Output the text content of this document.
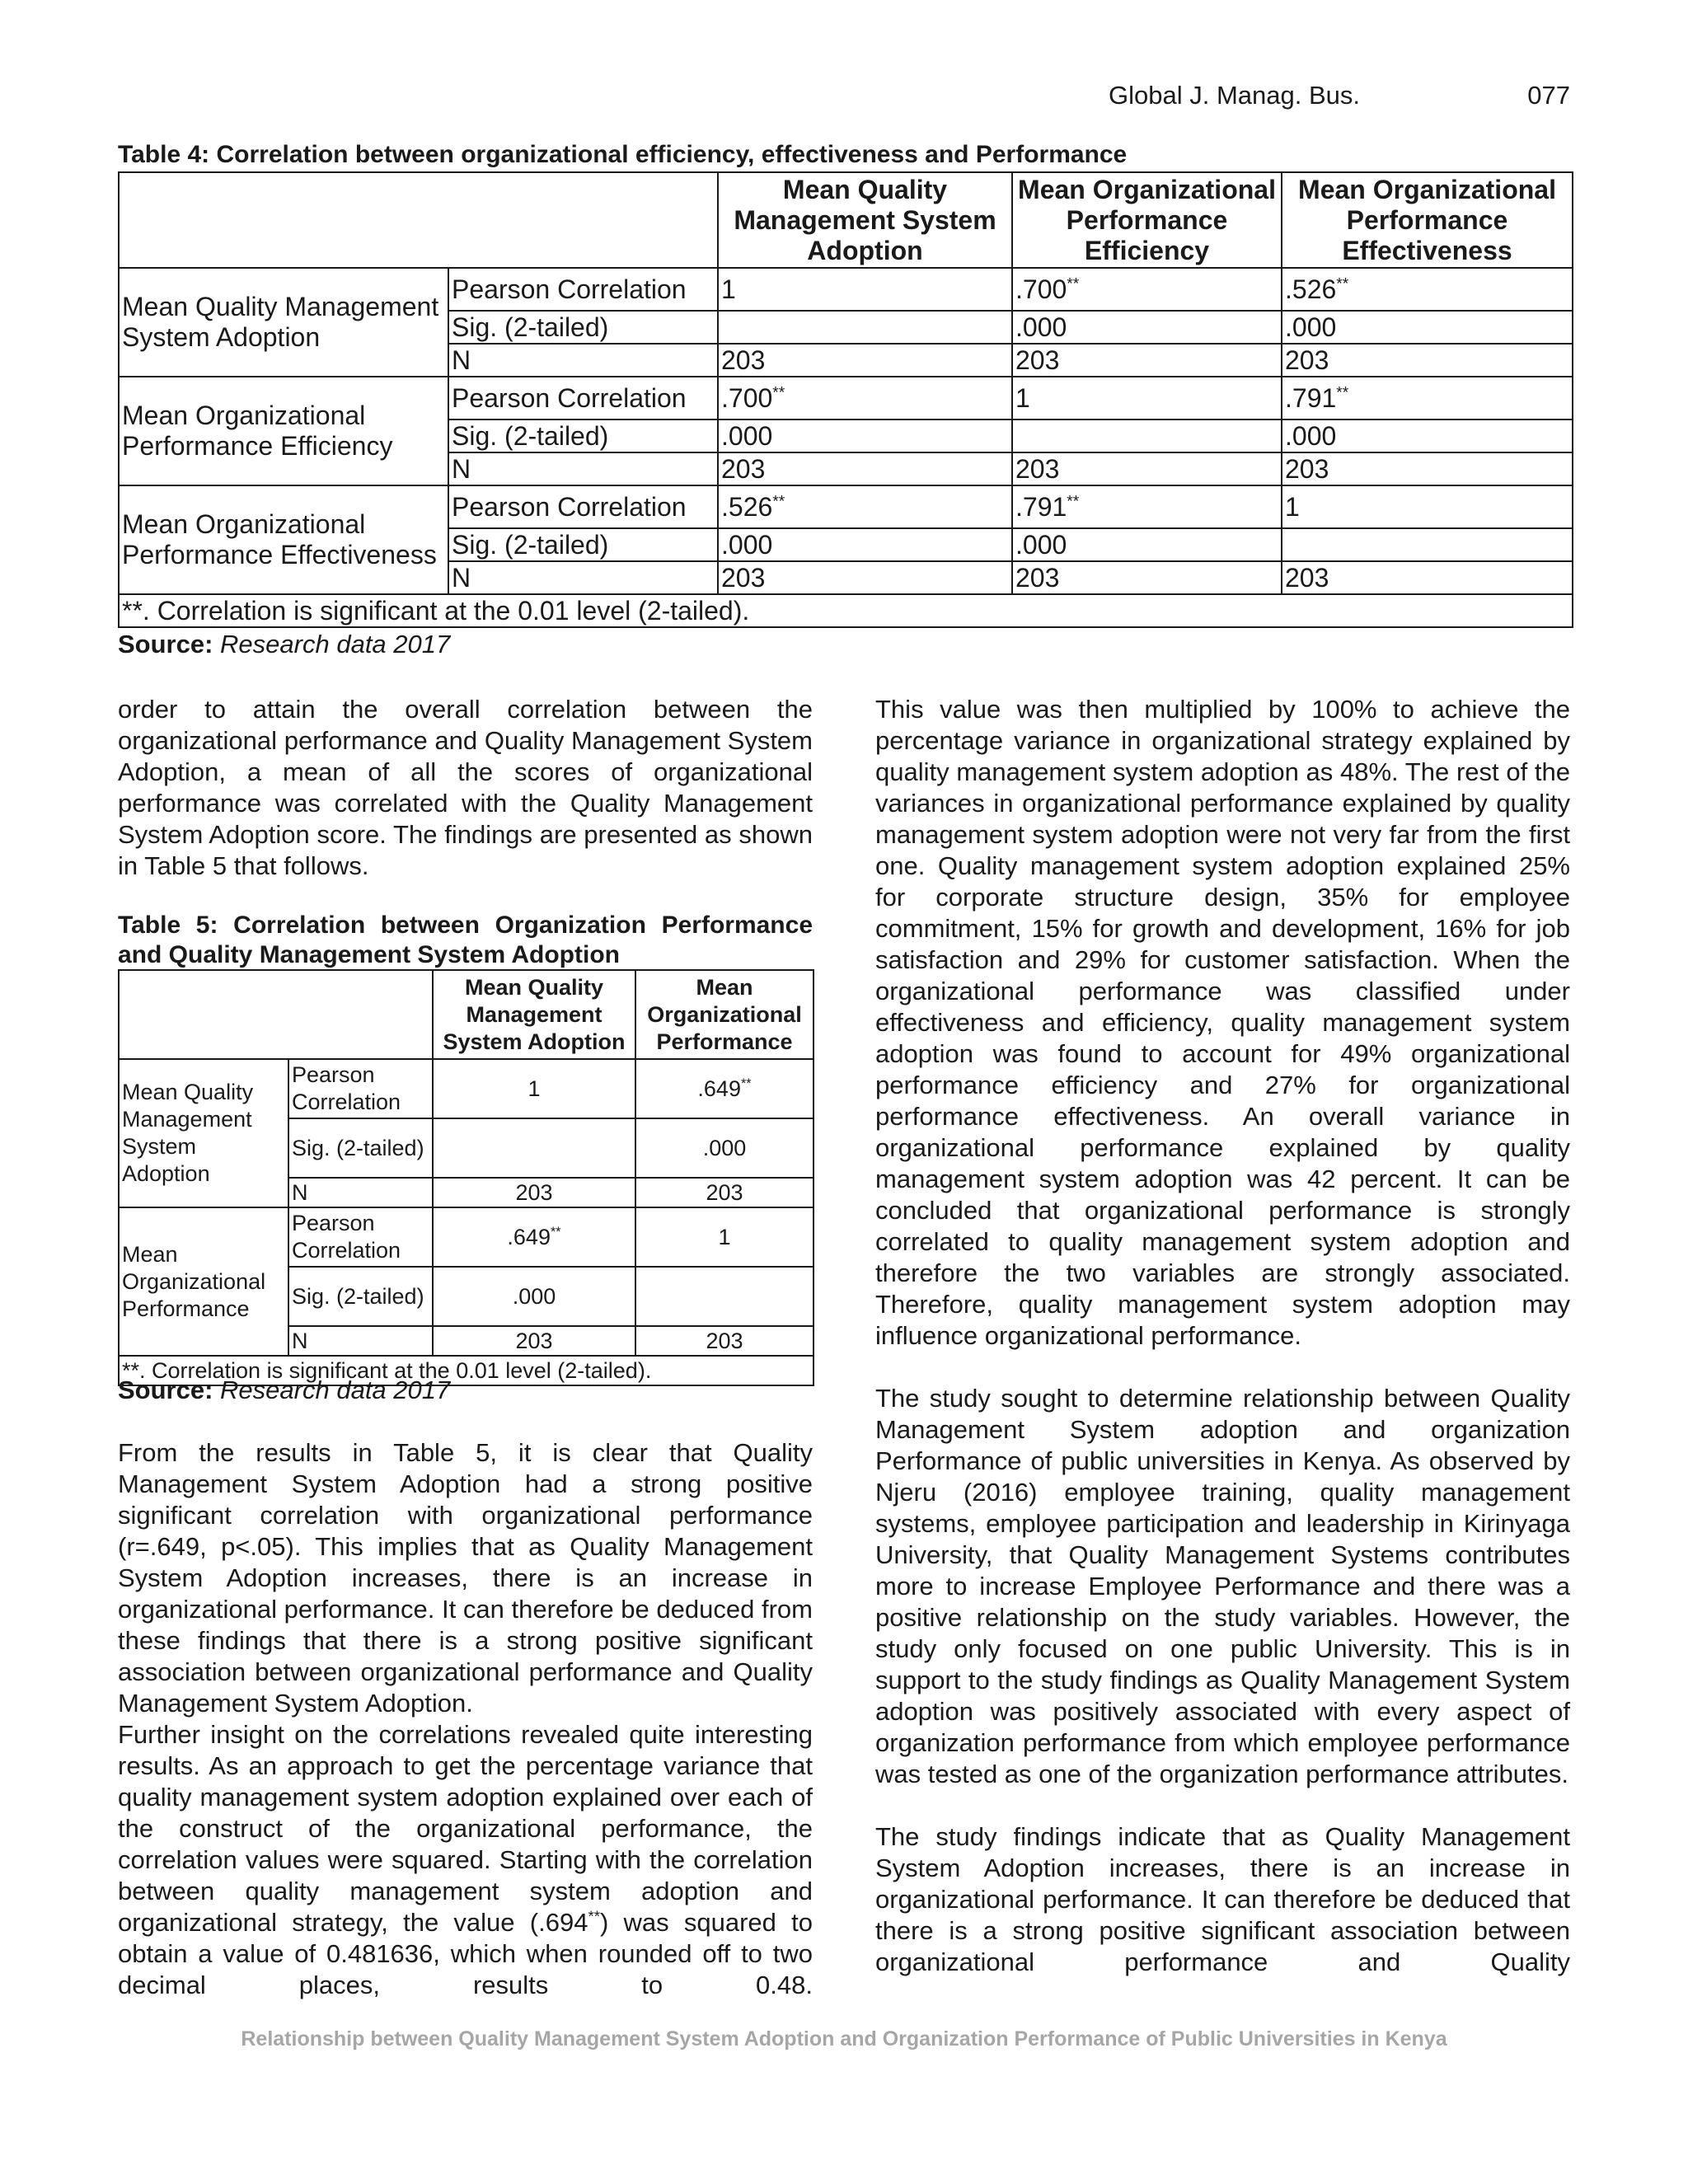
Global J. Manag. Bus.	077
Table 4: Correlation between organizational efficiency, effectiveness and Performance
		Mean Quality Management System Adoption	Mean Organizational Performance Efficiency	Mean Organizational Performance Effectiveness
Mean Quality Management System Adoption	Pearson Correlation	1	.700**	.526**
	Sig. (2-tailed)		.000	.000
	N	203	203	203
Mean Organizational Performance Efficiency	Pearson Correlation	.700**	1	.791**
	Sig. (2-tailed)	.000		.000
	N	203	203	203
Mean Organizational Performance Effectiveness	Pearson Correlation	.526**	.791**	1
	Sig. (2-tailed)	.000	.000	
	N	203	203	203
**. Correlation is significant at the 0.01 level (2-tailed).				
Source: Research data 2017

order to attain the overall correlation between the organizational performance and Quality Management System Adoption, a mean of all the scores of organizational performance was correlated with the Quality Management System Adoption score. The findings are presented as shown in Table 5 that follows.

Table 5: Correlation between Organization Performance and Quality Management System Adoption
		Mean Quality Management System Adoption	Mean Organizational Performance
Mean Quality Management System Adoption	Pearson Correlation	1	.649**
	Sig. (2-tailed)		.000
	N	203	203
Mean Organizational Performance	Pearson Correlation	.649**	1
	Sig. (2-tailed)	.000	
	N	203	203
**. Correlation is significant at the 0.01 level (2-tailed).			
Source: Research data 2017

From the results in Table 5, it is clear that Quality Management System Adoption had a strong positive significant correlation with organizational performance (r=.649, p<.05). This implies that as Quality Management System Adoption increases, there is an increase in organizational performance. It can therefore be deduced from these findings that there is a strong positive significant association between organizational performance and Quality Management System Adoption.

Further insight on the correlations revealed quite interesting results. As an approach to get the percentage variance that quality management system adoption explained over each of the construct of the organizational performance, the correlation values were squared. Starting with the correlation between quality management system adoption and organizational strategy, the value (.694**) was squared to obtain a value of 0.481636, which when rounded off to two decimal places, results to 0.48.

This value was then multiplied by 100% to achieve the percentage variance in organizational strategy explained by quality management system adoption as 48%. The rest of the variances in organizational performance explained by quality management system adoption were not very far from the first one. Quality management system adoption explained 25% for corporate structure design, 35% for employee commitment, 15% for growth and development, 16% for job satisfaction and 29% for customer satisfaction. When the organizational performance was classified under effectiveness and efficiency, quality management system adoption was found to account for 49% organizational performance efficiency and 27% for organizational performance effectiveness. An overall variance in organizational performance explained by quality management system adoption was 42 percent. It can be concluded that organizational performance is strongly correlated to quality management system adoption and therefore the two variables are strongly associated. Therefore, quality management system adoption may influence organizational performance.

The study sought to determine relationship between Quality Management System adoption and organization Performance of public universities in Kenya. As observed by Njeru (2016) employee training, quality management systems, employee participation and leadership in Kirinyaga University, that Quality Management Systems contributes more to increase Employee Performance and there was a positive relationship on the study variables. However, the study only focused on one public University. This is in support to the study findings as Quality Management System adoption was positively associated with every aspect of organization performance from which employee performance was tested as one of the organization performance attributes.

The study findings indicate that as Quality Management System Adoption increases, there is an increase in organizational performance. It can therefore be deduced that there is a strong positive significant association between organizational performance and Quality

Relationship between Quality Management System Adoption and Organization Performance of Public Universities in Kenya
